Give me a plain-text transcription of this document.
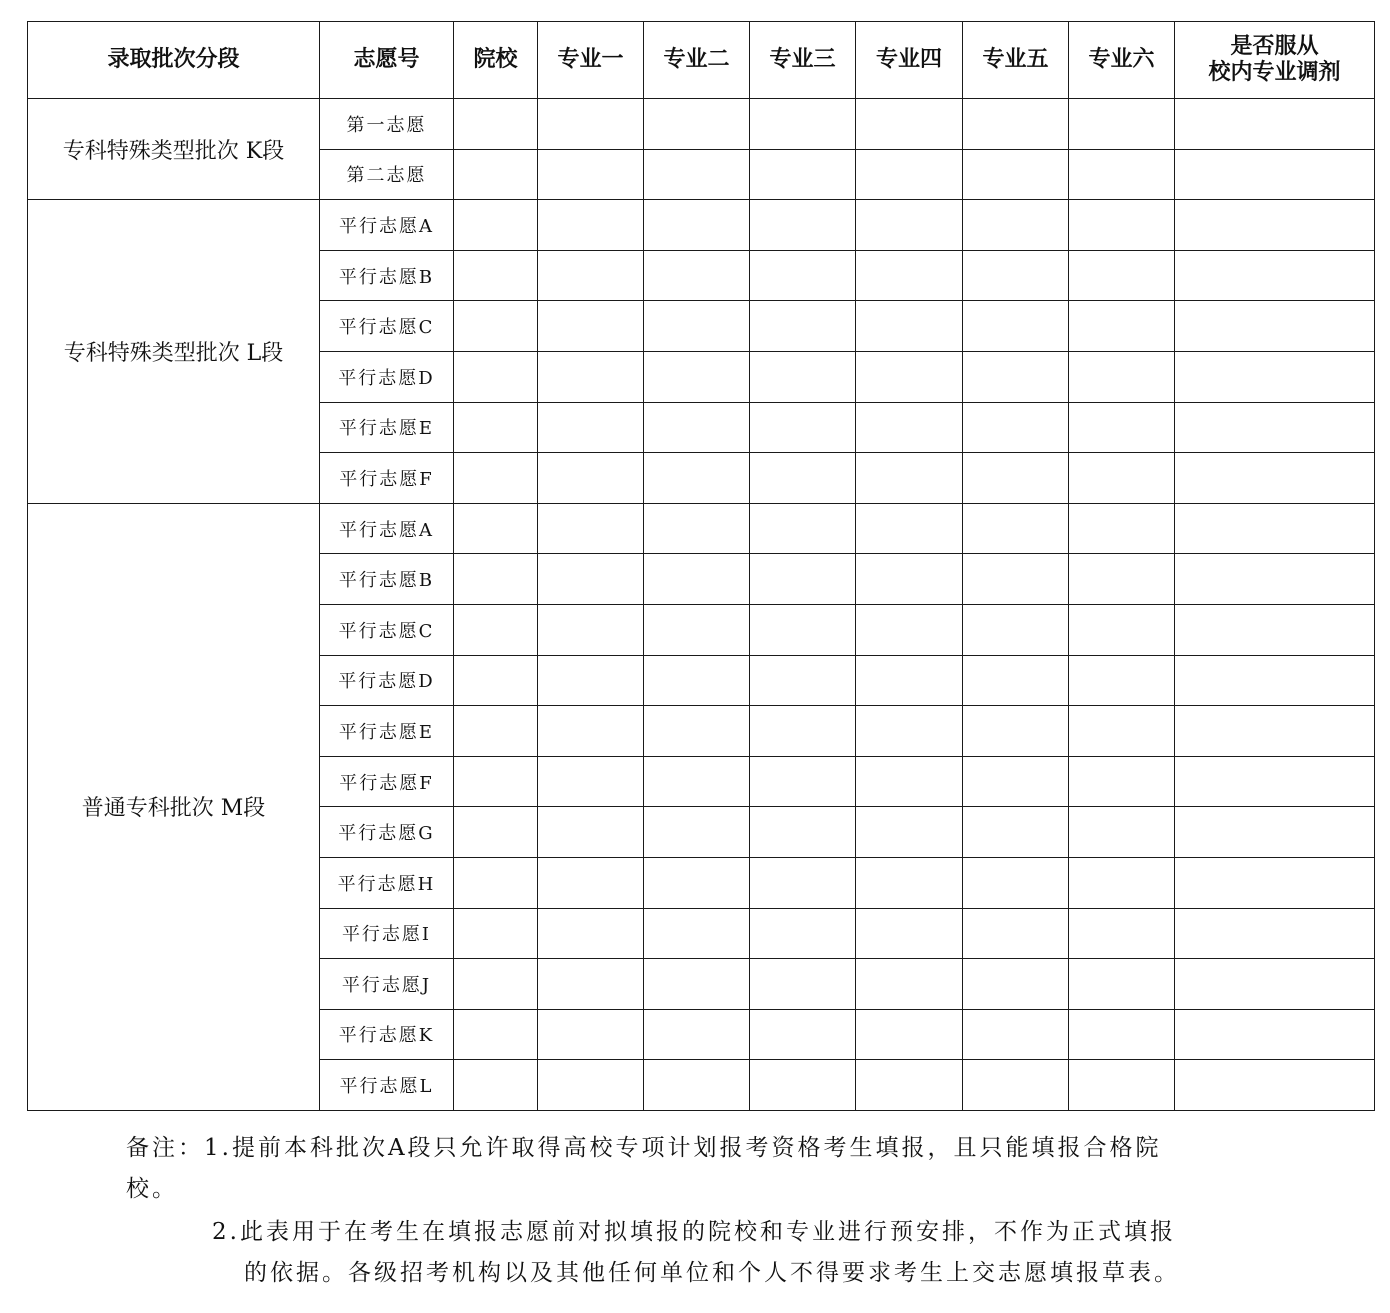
录取批次分段	志愿号	院校	专业一	专业二	专业三	专业四	专业五	专业六	是否服从
校内专业调剂

专科特殊类型批次 K段	第一志愿								
	第二志愿								
专科特殊类型批次 L段	平行志愿A								
	平行志愿B								
	平行志愿C								
	平行志愿D								
	平行志愿E								
	平行志愿F								
普通专科批次 M段	平行志愿A								
	平行志愿B								
	平行志愿C								
	平行志愿D								
	平行志愿E								
	平行志愿F								
	平行志愿G								
	平行志愿H								
	平行志愿I								
	平行志愿J								
	平行志愿K								
	平行志愿L								
备注：1.提前本科批次A段只允许取得高校专项计划报考资格考生填报，且只能填报合格院
校。
2.此表用于在考生在填报志愿前对拟填报的院校和专业进行预安排，不作为正式填报
的依据。各级招考机构以及其他任何单位和个人不得要求考生上交志愿填报草表。
